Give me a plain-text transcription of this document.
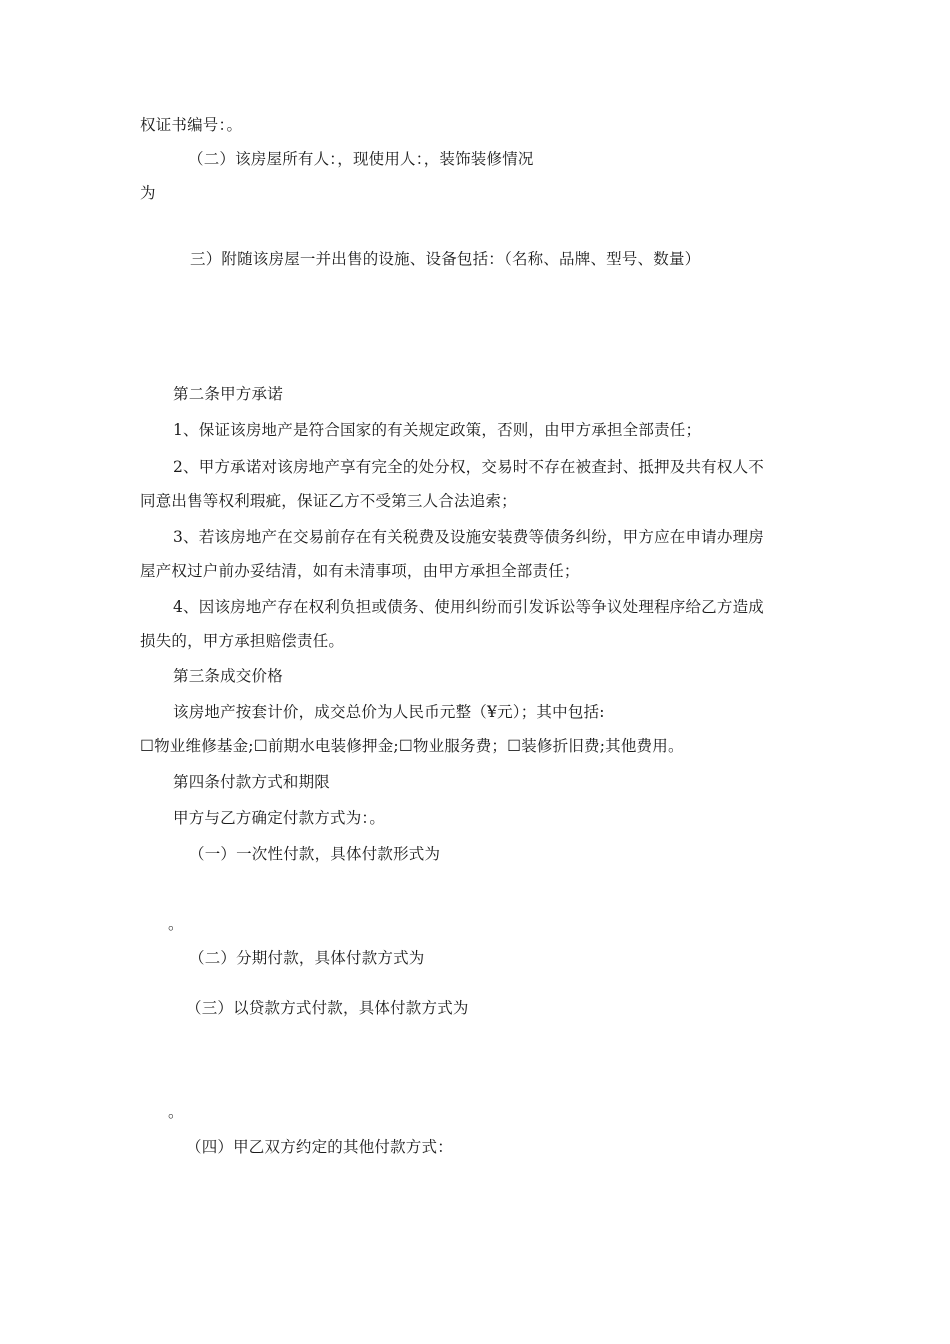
权证书编号：。
（二）该房屋所有人：，现使用人：，装饰装修情况
为
三）附随该房屋一并出售的设施、设备包括：（名称、品牌、型号、数量）
第二条甲方承诺
1、保证该房地产是符合国家的有关规定政策，否则，由甲方承担全部责任；
2、甲方承诺对该房地产享有完全的处分权，交易时不存在被查封、抵押及共有权人不
同意出售等权利瑕疵，保证乙方不受第三人合法追索；
3、若该房地产在交易前存在有关税费及设施安装费等债务纠纷，甲方应在申请办理房
屋产权过户前办妥结清，如有未清事项，由甲方承担全部责任；
4、因该房地产存在权利负担或债务、使用纠纷而引发诉讼等争议处理程序给乙方造成
损失的，甲方承担赔偿责任。
第三条成交价格
该房地产按套计价，成交总价为人民币元整（¥元）；其中包括:
☐物业维修基金;☐前期水电装修押金;☐物业服务费；☐装修折旧费;其他费用。
第四条付款方式和期限
甲方与乙方确定付款方式为：。
（一）一次性付款，具体付款形式为
。
（二）分期付款，具体付款方式为
（三）以贷款方式付款，具体付款方式为
。
（四）甲乙双方约定的其他付款方式：
